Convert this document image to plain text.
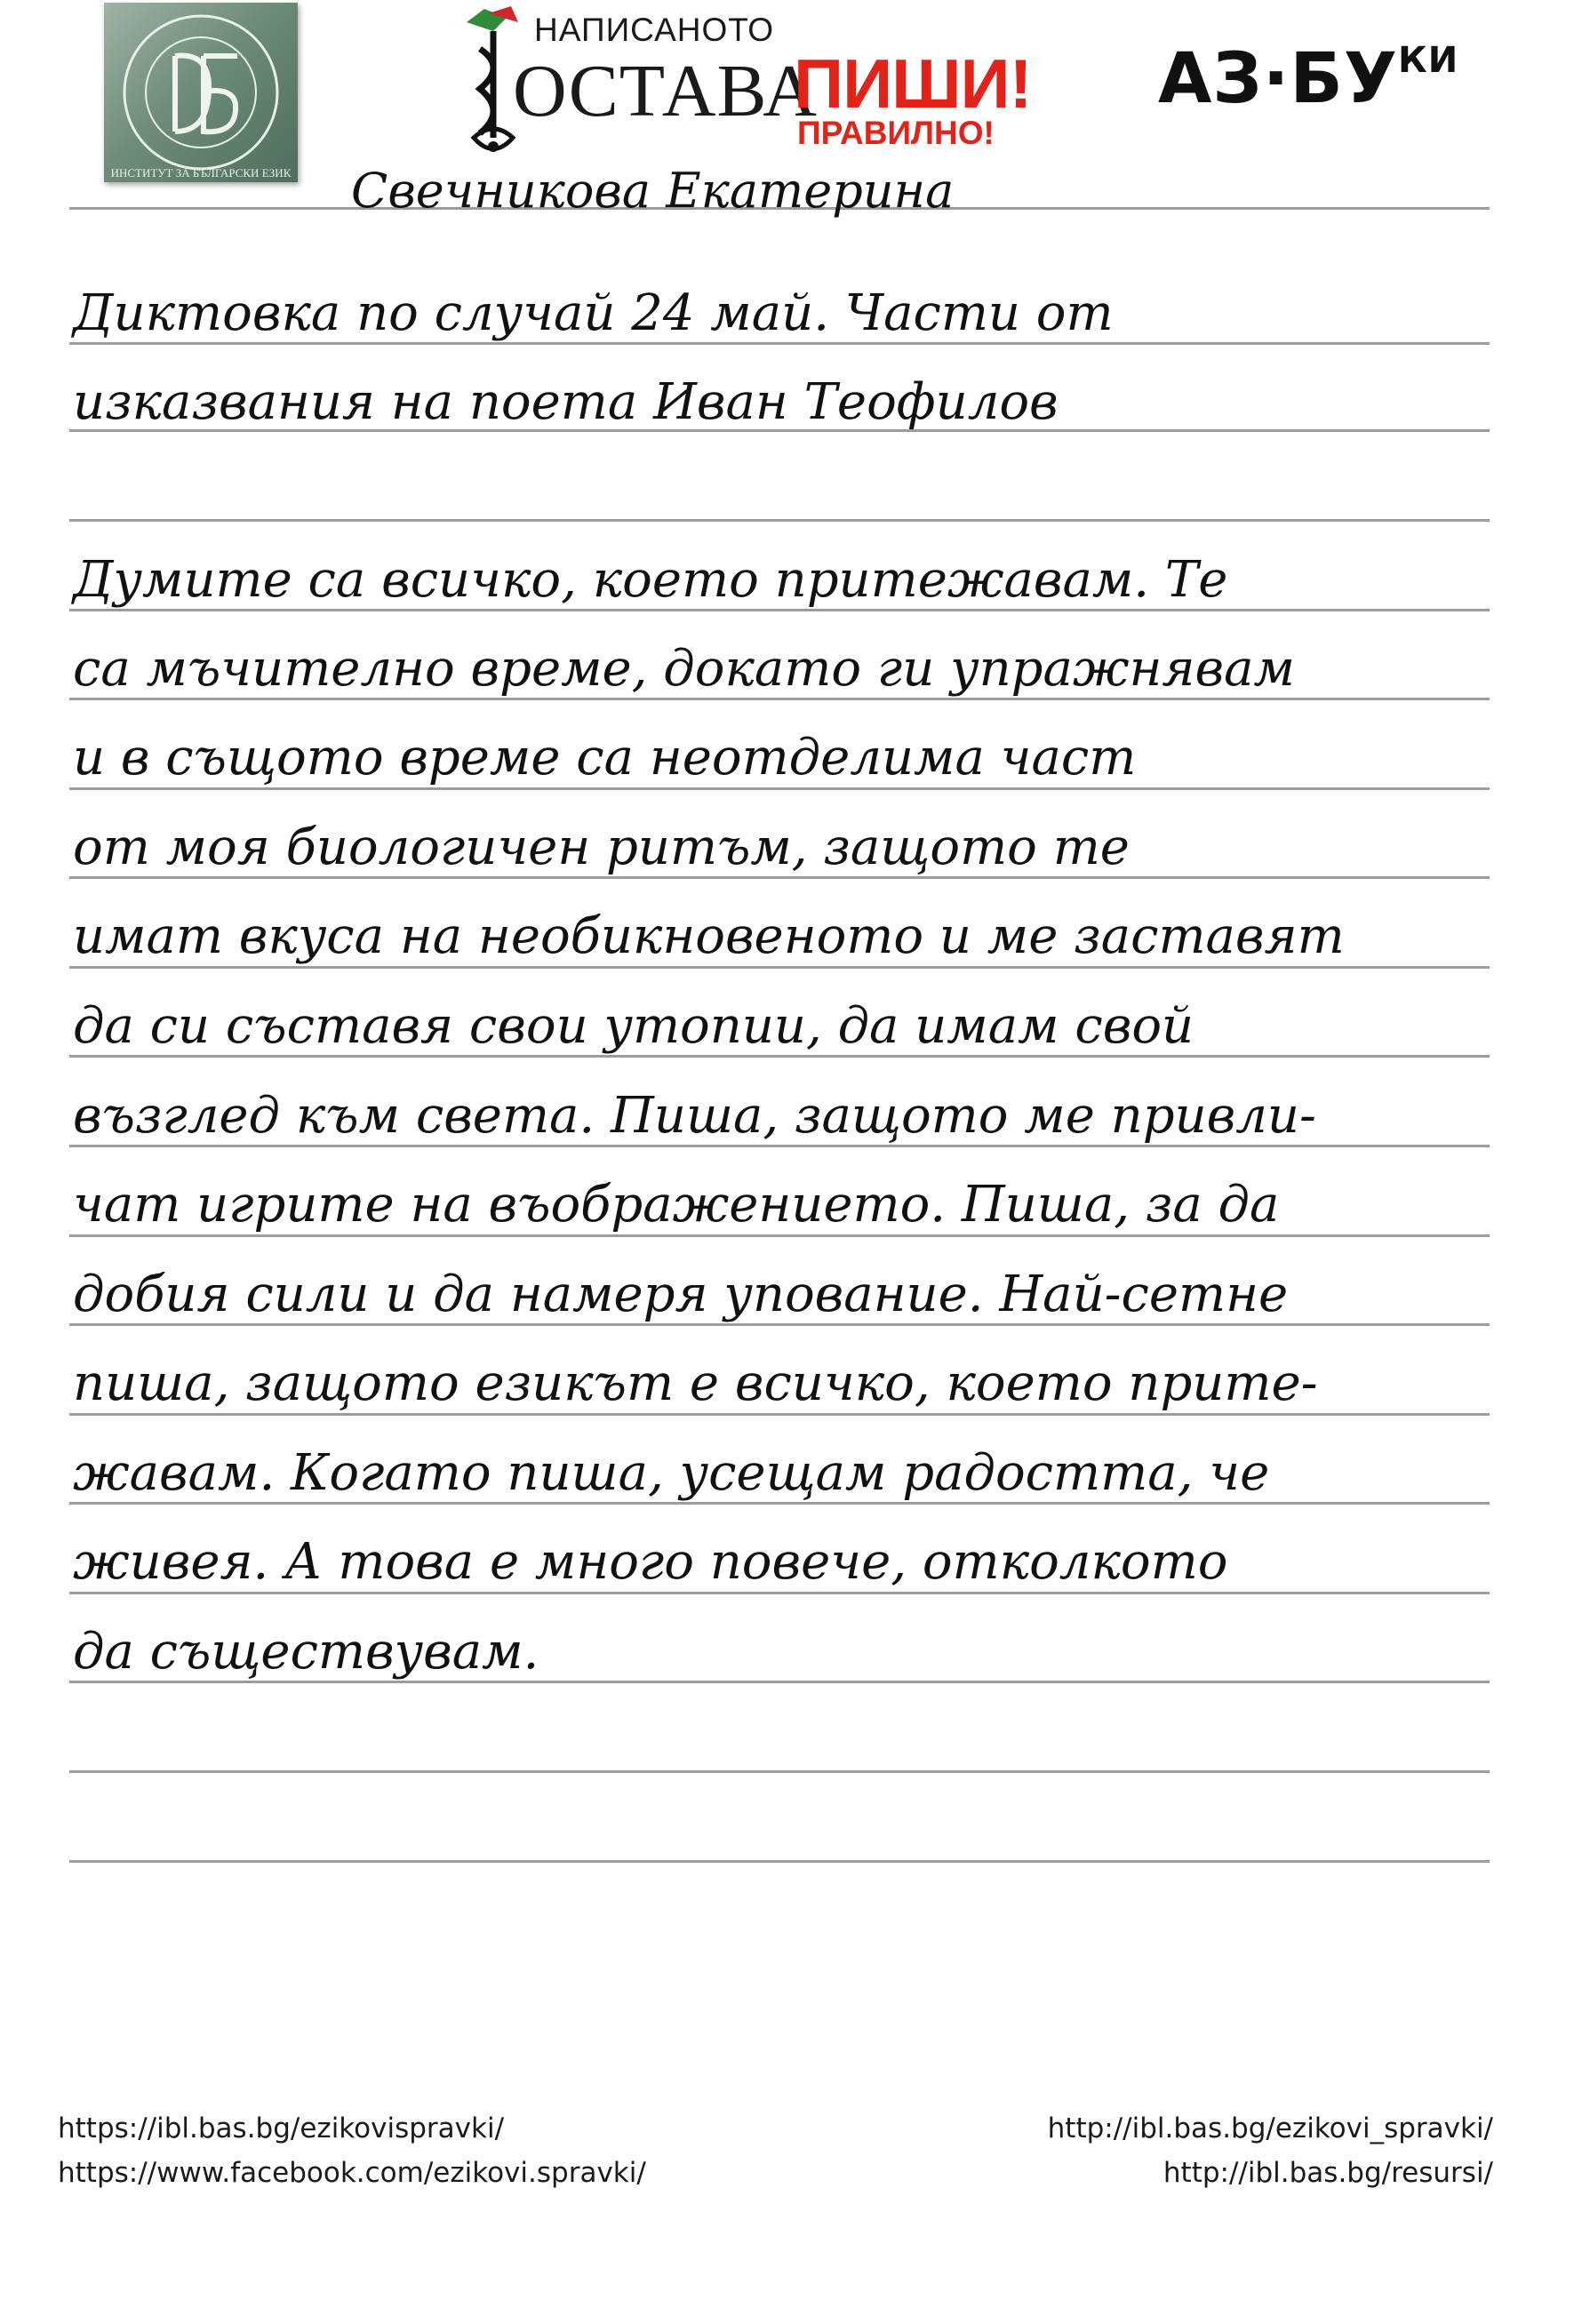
ИБ
ИНСТИТУТ ЗА БЪЛГАРСКИ ЕЗИК
НАПИСАНОТО
ОСТАВА
ПИШИ!
ПРАВИЛНО!
$АЗ\cdot БУ^{КИ}$
Свечникова Екатерина
Диктовка по случай 24 май. Части от
изказвания на поета Иван Теофилов
Думите са всичко, което притежавам. Те
са мъчително време, докато ги упражнявам
и в същото време са неотделима част
от моя биологичен ритъм, защото те
имат вкуса на необикновеното и ме заставят
да си съставя свои утопии, да имам свой
възглед към света. Пиша, защото ме привли-
чат игрите на въображението. Пиша, за да
добия сили и да намеря упование. Най-сетне
пиша, защото езикът е всичко, което прите-
жавам. Когато пиша, усещам радостта, че
живея. А това е много повече, отколкото
да съществувам.
https://ibl.bas.bg/ezikovispravki/
https://www.facebook.com/ezikovi.spravki/
http://ibl.bas.bg/ezikovi_spravki/
http://ibl.bas.bg/resursi/
